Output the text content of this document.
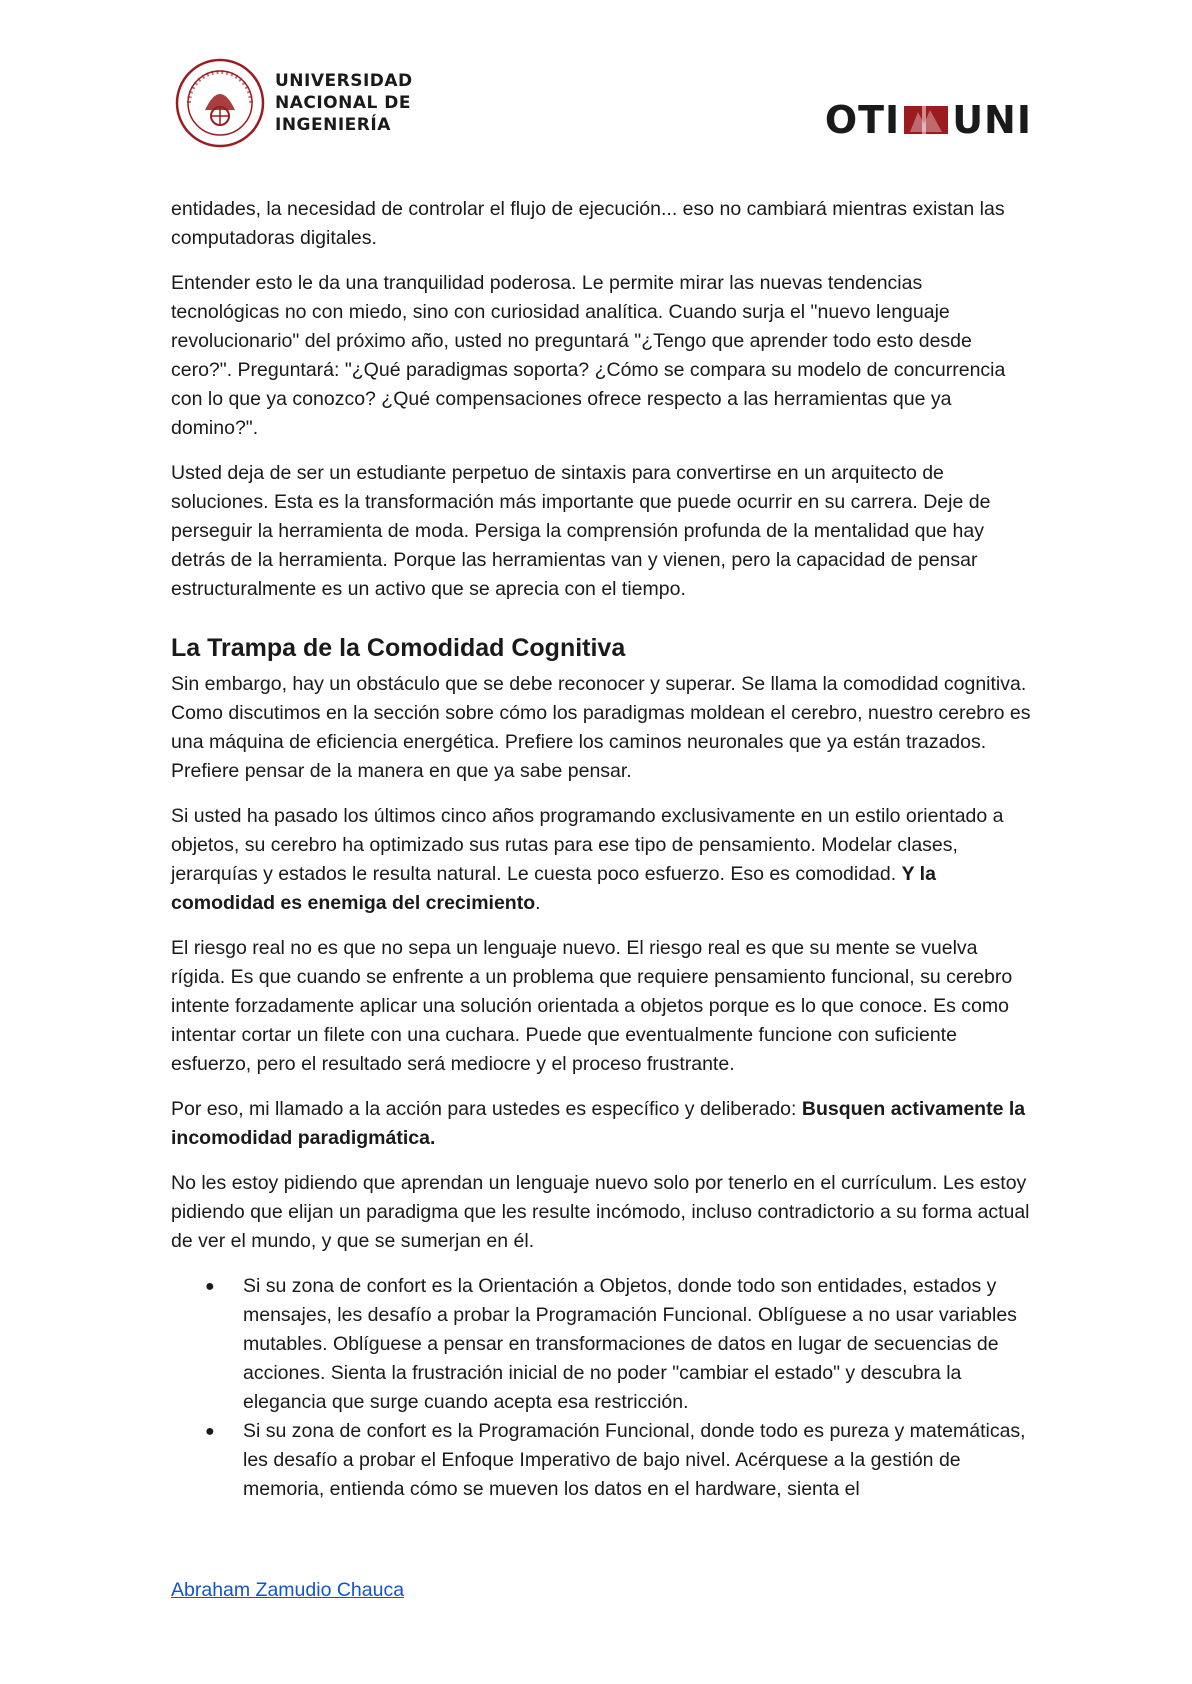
UNIVERSIDAD
NACIONAL DE
INGENIERÍA	OTI UNI

entidades, la necesidad de controlar el flujo de ejecución... eso no cambiará mientras existan las computadoras digitales.

Entender esto le da una tranquilidad poderosa. Le permite mirar las nuevas tendencias tecnológicas no con miedo, sino con curiosidad analítica. Cuando surja el "nuevo lenguaje revolucionario" del próximo año, usted no preguntará "¿Tengo que aprender todo esto desde cero?". Preguntará: "¿Qué paradigmas soporta? ¿Cómo se compara su modelo de concurrencia con lo que ya conozco? ¿Qué compensaciones ofrece respecto a las herramientas que ya domino?".

Usted deja de ser un estudiante perpetuo de sintaxis para convertirse en un arquitecto de soluciones. Esta es la transformación más importante que puede ocurrir en su carrera. Deje de perseguir la herramienta de moda. Persiga la comprensión profunda de la mentalidad que hay detrás de la herramienta. Porque las herramientas van y vienen, pero la capacidad de pensar estructuralmente es un activo que se aprecia con el tiempo.

La Trampa de la Comodidad Cognitiva

Sin embargo, hay un obstáculo que se debe reconocer y superar. Se llama la comodidad cognitiva. Como discutimos en la sección sobre cómo los paradigmas moldean el cerebro, nuestro cerebro es una máquina de eficiencia energética. Prefiere los caminos neuronales que ya están trazados. Prefiere pensar de la manera en que ya sabe pensar.

Si usted ha pasado los últimos cinco años programando exclusivamente en un estilo orientado a objetos, su cerebro ha optimizado sus rutas para ese tipo de pensamiento. Modelar clases, jerarquías y estados le resulta natural. Le cuesta poco esfuerzo. Eso es comodidad. Y la comodidad es enemiga del crecimiento.

El riesgo real no es que no sepa un lenguaje nuevo. El riesgo real es que su mente se vuelva rígida. Es que cuando se enfrente a un problema que requiere pensamiento funcional, su cerebro intente forzadamente aplicar una solución orientada a objetos porque es lo que conoce. Es como intentar cortar un filete con una cuchara. Puede que eventualmente funcione con suficiente esfuerzo, pero el resultado será mediocre y el proceso frustrante.

Por eso, mi llamado a la acción para ustedes es específico y deliberado: Busquen activamente la incomodidad paradigmática.

No les estoy pidiendo que aprendan un lenguaje nuevo solo por tenerlo en el currículum. Les estoy pidiendo que elijan un paradigma que les resulte incómodo, incluso contradictorio a su forma actual de ver el mundo, y que se sumerjan en él.

● Si su zona de confort es la Orientación a Objetos, donde todo son entidades, estados y mensajes, les desafío a probar la Programación Funcional. Oblíguese a no usar variables mutables. Oblíguese a pensar en transformaciones de datos en lugar de secuencias de acciones. Sienta la frustración inicial de no poder "cambiar el estado" y descubra la elegancia que surge cuando acepta esa restricción.
● Si su zona de confort es la Programación Funcional, donde todo es pureza y matemáticas, les desafío a probar el Enfoque Imperativo de bajo nivel. Acérquese a la gestión de memoria, entienda cómo se mueven los datos en el hardware, sienta el
Abraham Zamudio Chauca
